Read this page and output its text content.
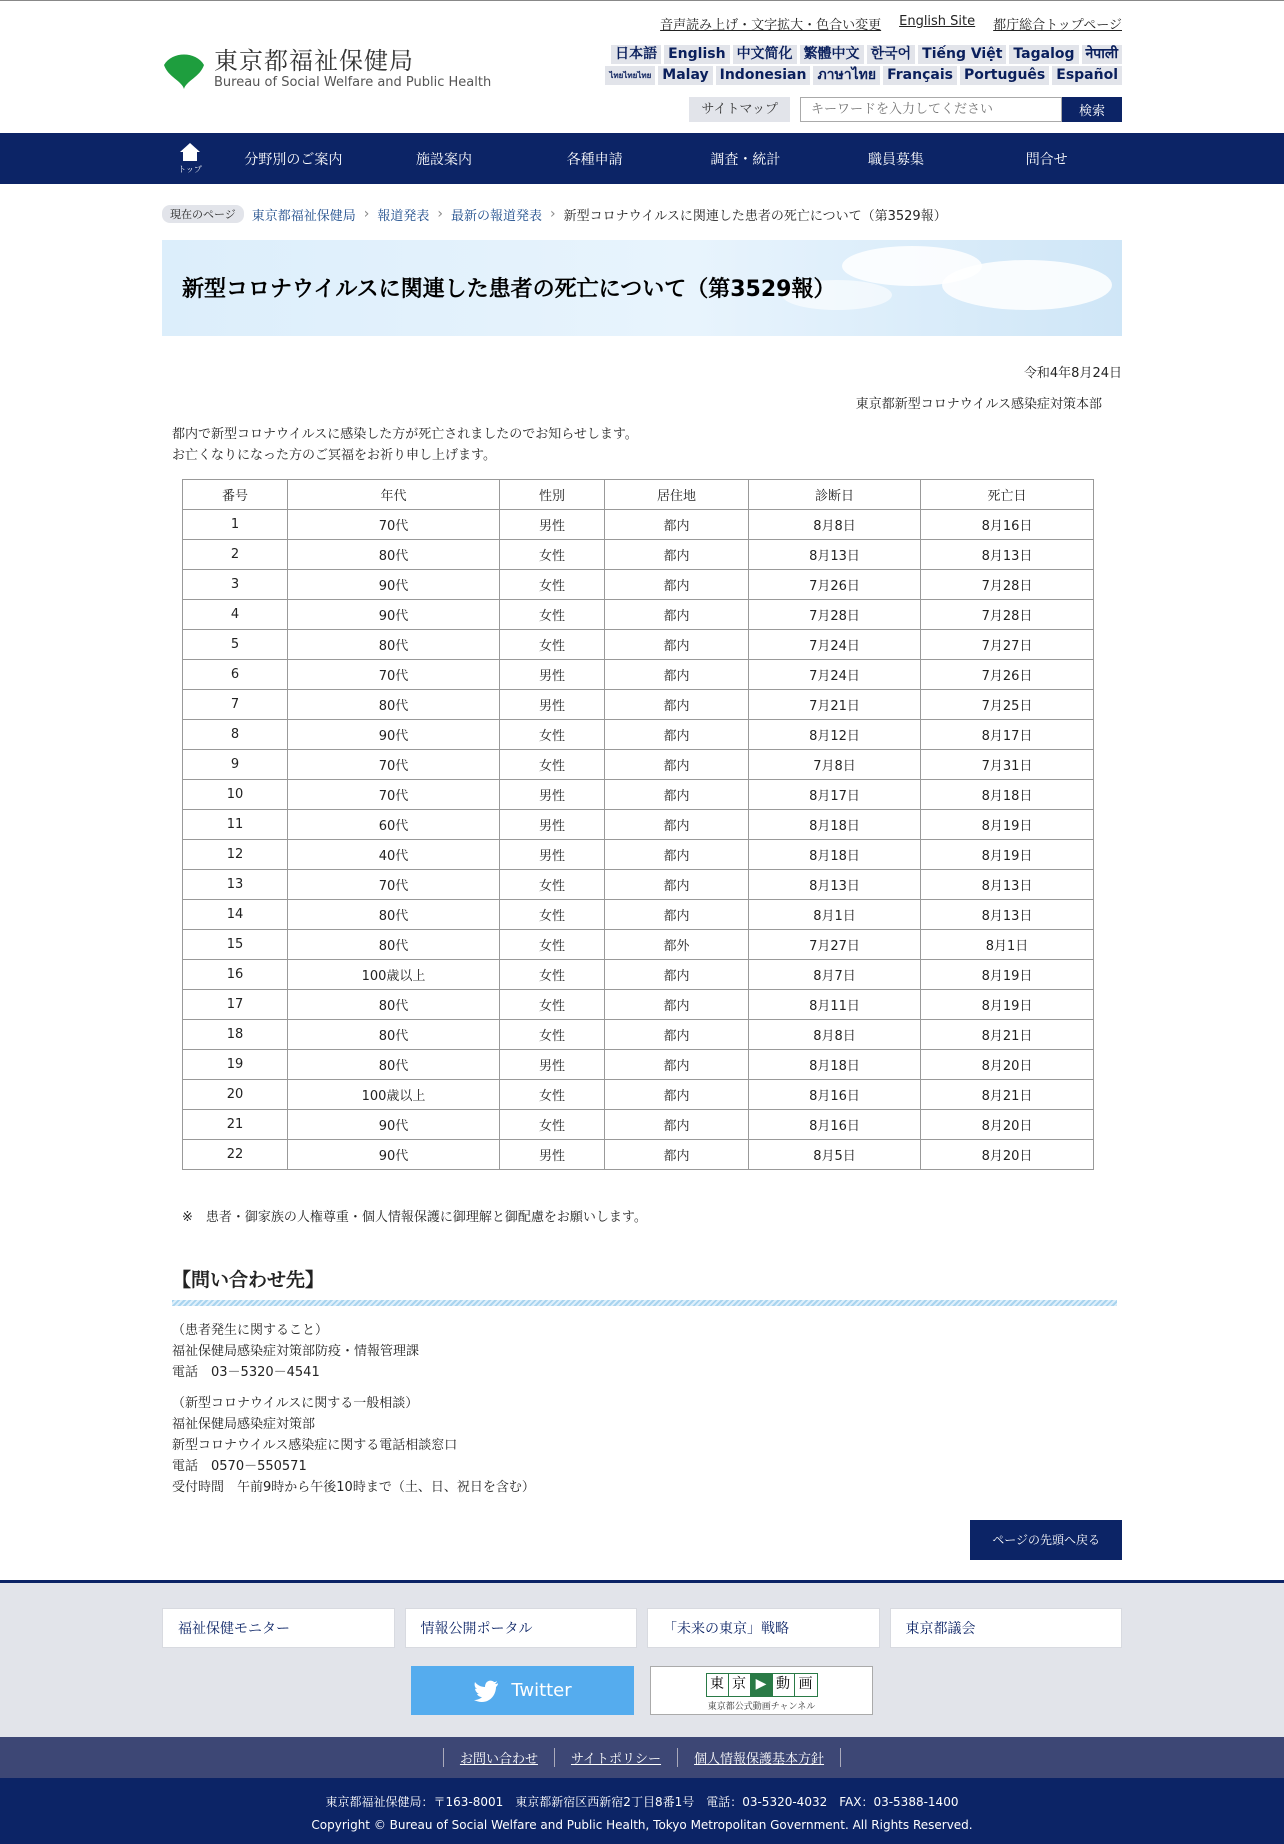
東京都福祉保健局
Bureau of Social Welfare and Public Health
音声読み上げ・文字拡大・色合い変更 English Site 都庁総合トップページ
日本語 English 中文简化 繁體中文 한국어 Tiếng Việt Tagalog नेपाली
ไทยไทยไทย Malay Indonesian ภาษาไทย Français Português Español
サイトマップ
キーワードを入力してください	検索
トップ
分野別のご案内	施設案内	各種申請	調査・統計	職員募集	問合せ
現在のページ	東京都福祉保健局 › 報道発表 › 最新の報道発表 › 新型コロナウイルスに関連した患者の死亡について（第3529報）
新型コロナウイルスに関連した患者の死亡について（第3529報）
令和4年8月24日
東京都新型コロナウイルス感染症対策本部
都内で新型コロナウイルスに感染した方が死亡されましたのでお知らせします。
お亡くなりになった方のご冥福をお祈り申し上げます。
番号	年代	性別	居住地	診断日	死亡日
1	70代	男性	都内	8月8日	8月16日
2	80代	女性	都内	8月13日	8月13日
3	90代	女性	都内	7月26日	7月28日
4	90代	女性	都内	7月28日	7月28日
5	80代	女性	都内	7月24日	7月27日
6	70代	男性	都内	7月24日	7月26日
7	80代	男性	都内	7月21日	7月25日
8	90代	女性	都内	8月12日	8月17日
9	70代	女性	都内	7月8日	7月31日
10	70代	男性	都内	8月17日	8月18日
11	60代	男性	都内	8月18日	8月19日
12	40代	男性	都内	8月18日	8月19日
13	70代	女性	都内	8月13日	8月13日
14	80代	女性	都内	8月1日	8月13日
15	80代	女性	都外	7月27日	8月1日
16	100歳以上	女性	都内	8月7日	8月19日
17	80代	女性	都内	8月11日	8月19日
18	80代	女性	都内	8月8日	8月21日
19	80代	男性	都内	8月18日	8月20日
20	100歳以上	女性	都内	8月16日	8月21日
21	90代	女性	都内	8月16日	8月20日
22	90代	男性	都内	8月5日	8月20日
※　患者・御家族の人権尊重・個人情報保護に御理解と御配慮をお願いします。
【問い合わせ先】

（患者発生に関すること）

福祉保健局感染症対策部防疫・情報管理課

電話　03－5320－4541

（新型コロナウイルスに関する一般相談）

福祉保健局感染症対策部

新型コロナウイルス感染症に関する電話相談窓口

電話　0570－550571

受付時間　午前9時から午後10時まで（土、日、祝日を含む）

ページの先頭へ戻る
福祉保健モニター	情報公開ポータル	「未来の東京」戦略	東京都議会
Twitter	東 京 ▶ 動 画
東京都公式動画チャンネル
お問い合わせ	サイトポリシー	個人情報保護基本方針
東京都福祉保健局：〒163-8001　東京都新宿区西新宿2丁目8番1号　電話：03-5320-4032　FAX：03-5388-1400
Copyright © Bureau of Social Welfare and Public Health, Tokyo Metropolitan Government. All Rights Reserved.
